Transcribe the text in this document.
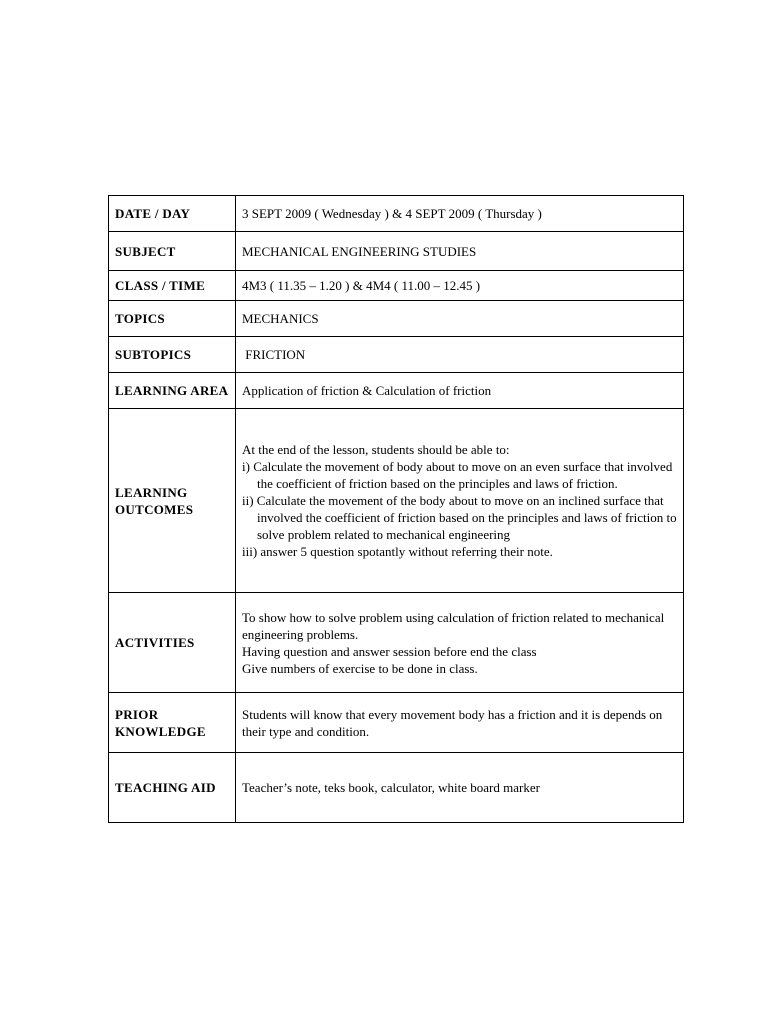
DATE / DAY	3 SEPT 2009 ( Wednesday ) & 4 SEPT 2009 ( Thursday )
SUBJECT	MECHANICAL ENGINEERING STUDIES
CLASS / TIME	4M3 ( 11.35 – 1.20 ) & 4M4 ( 11.00 – 12.45 )
TOPICS	MECHANICS
SUBTOPICS	FRICTION
LEARNING AREA	Application of friction & Calculation of friction
LEARNING OUTCOMES	At the end of the lesson, students should be able to:

i) Calculate the movement of body about to move on an even surface that involved the coefficient of friction based on the principles and laws of friction.

ii) Calculate the movement of the body about to move on an inclined surface that involved the coefficient of friction based on the principles and laws of friction to solve problem related to mechanical engineering

iii) answer 5 question spotantly without referring their note.

ACTIVITIES	To show how to solve problem using calculation of friction related to mechanical engineering problems.

Having question and answer session before end the class

Give numbers of exercise to be done in class.

PRIOR KNOWLEDGE	Students will know that every movement body has a friction and it is depends on their type and condition.
TEACHING AID	Teacher’s note, teks book, calculator, white board marker
